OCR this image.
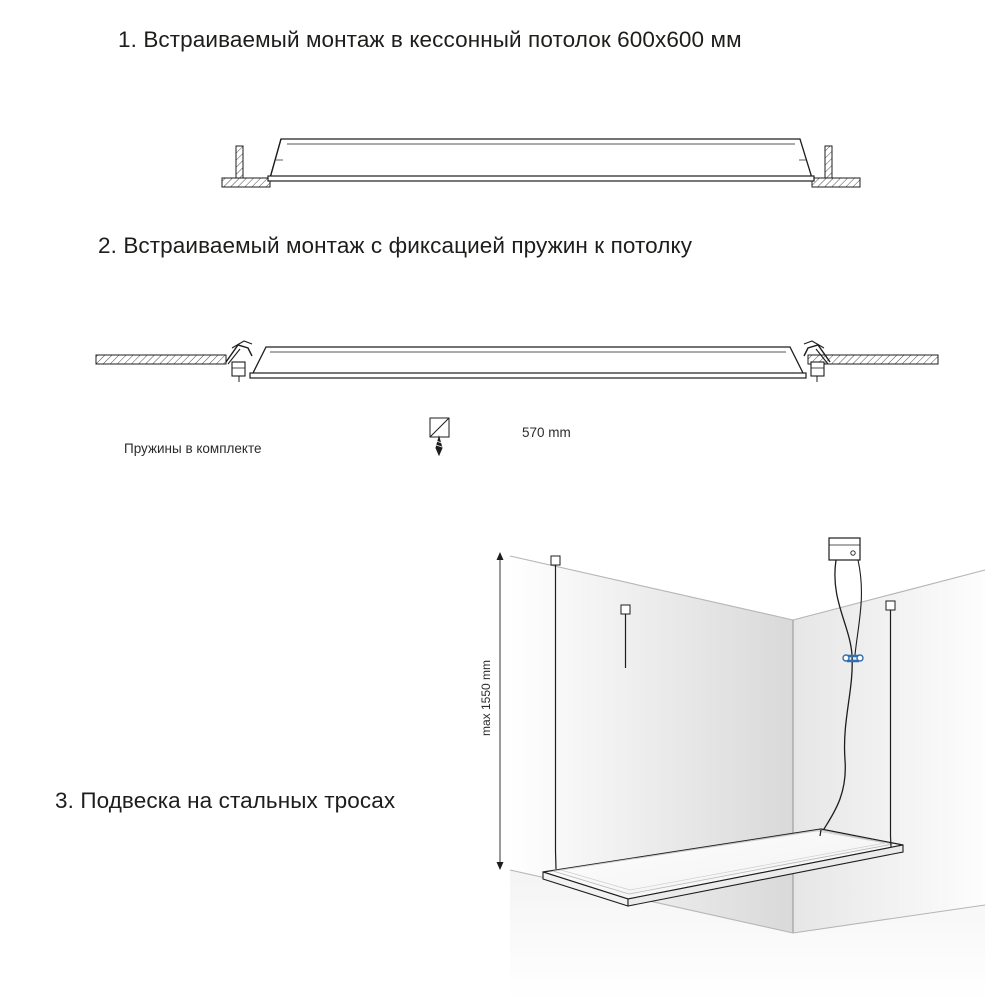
1. Встраиваемый монтаж в кессонный потолок 600x600 мм
2. Встраиваемый монтаж с фиксацией пружин к потолку
3. Подвеска на стальных тросах
Пружины в комплекте
570 mm
max 1550 mm
